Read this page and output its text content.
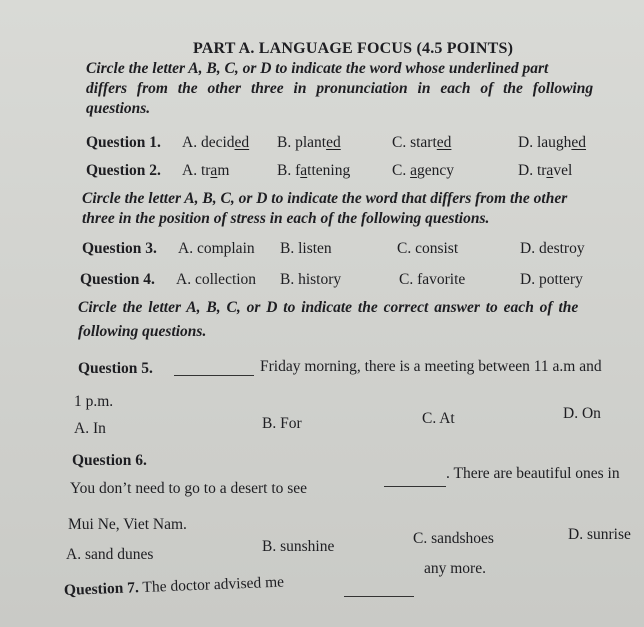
PART A. LANGUAGE FOCUS (4.5 POINTS)
Circle the letter A, B, C, or D to indicate the word whose underlined part
differs from the other three in pronunciation in each of the following
questions.
Question 1. A. decided B. planted	C. started	D. laughed
Question 2. A. tram	B. fattening	C. agency	D. travel
Circle the letter A, B, C, or D to indicate the word that differs from the other
three in the position of stress in each of the following questions.
Question 3. A. complain B. listen	C. consist	D. destroy
Question 4. A. collection B. history	C. favorite	D. pottery
Circle the letter A, B, C, or D to indicate the correct answer to each of the
following questions.
Question 5.	Friday morning, there is a meeting between 11 a.m and
1 p.m.
A. In	B. For	C. At	D. On
Question 6.
You don’t need to go to a desert to see
. There are beautiful ones in
Mui Ne, Viet Nam.
A. sand dunes	B. sunshine	C. sandshoes	D. sunrise
Question 7. The doctor advised me
any more.
